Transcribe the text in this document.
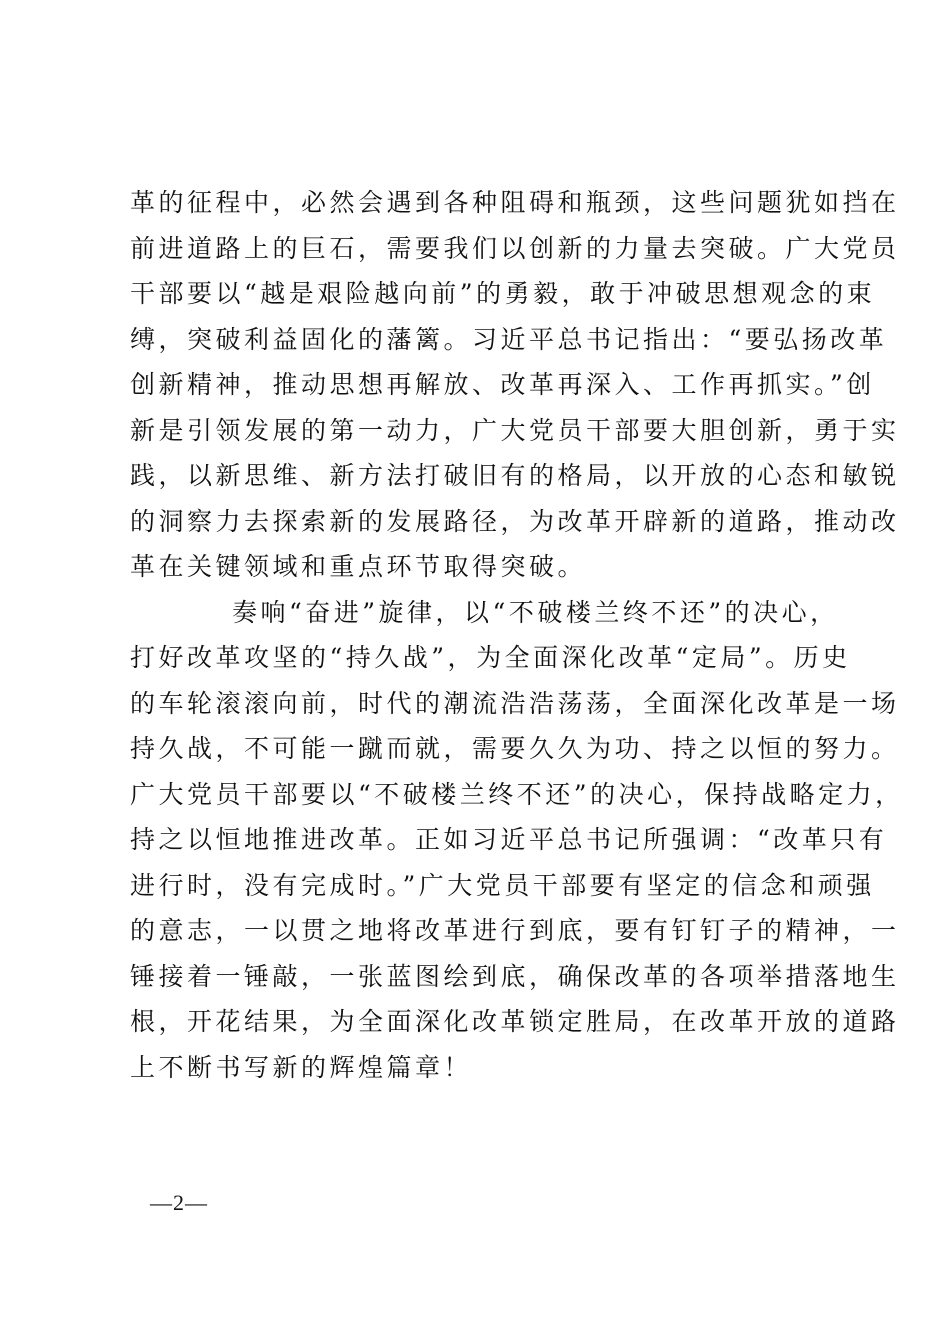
革的征程中，必然会遇到各种阻碍和瓶颈，这些问题犹如挡在
前进道路上的巨石，需要我们以创新的力量去突破。广大党员
干部要以“越是艰险越向前”的勇毅，敢于冲破思想观念的束
缚，突破利益固化的藩篱。习近平总书记指出：“要弘扬改革
创新精神，推动思想再解放、改革再深入、工作再抓实。”创
新是引领发展的第一动力，广大党员干部要大胆创新，勇于实
践，以新思维、新方法打破旧有的格局，以开放的心态和敏锐
的洞察力去探索新的发展路径，为改革开辟新的道路，推动改
革在关键领域和重点环节取得突破。
奏响“奋进”旋律，以“不破楼兰终不还”的决心，
打好改革攻坚的“持久战”，为全面深化改革“定局”。历史
的车轮滚滚向前，时代的潮流浩浩荡荡，全面深化改革是一场
持久战，不可能一蹴而就，需要久久为功、持之以恒的努力。
广大党员干部要以“不破楼兰终不还”的决心，保持战略定力，
持之以恒地推进改革。正如习近平总书记所强调：“改革只有
进行时，没有完成时。”广大党员干部要有坚定的信念和顽强
的意志，一以贯之地将改革进行到底，要有钉钉子的精神，一
锤接着一锤敲，一张蓝图绘到底，确保改革的各项举措落地生
根，开花结果，为全面深化改革锁定胜局，在改革开放的道路
上不断书写新的辉煌篇章！
—2—
